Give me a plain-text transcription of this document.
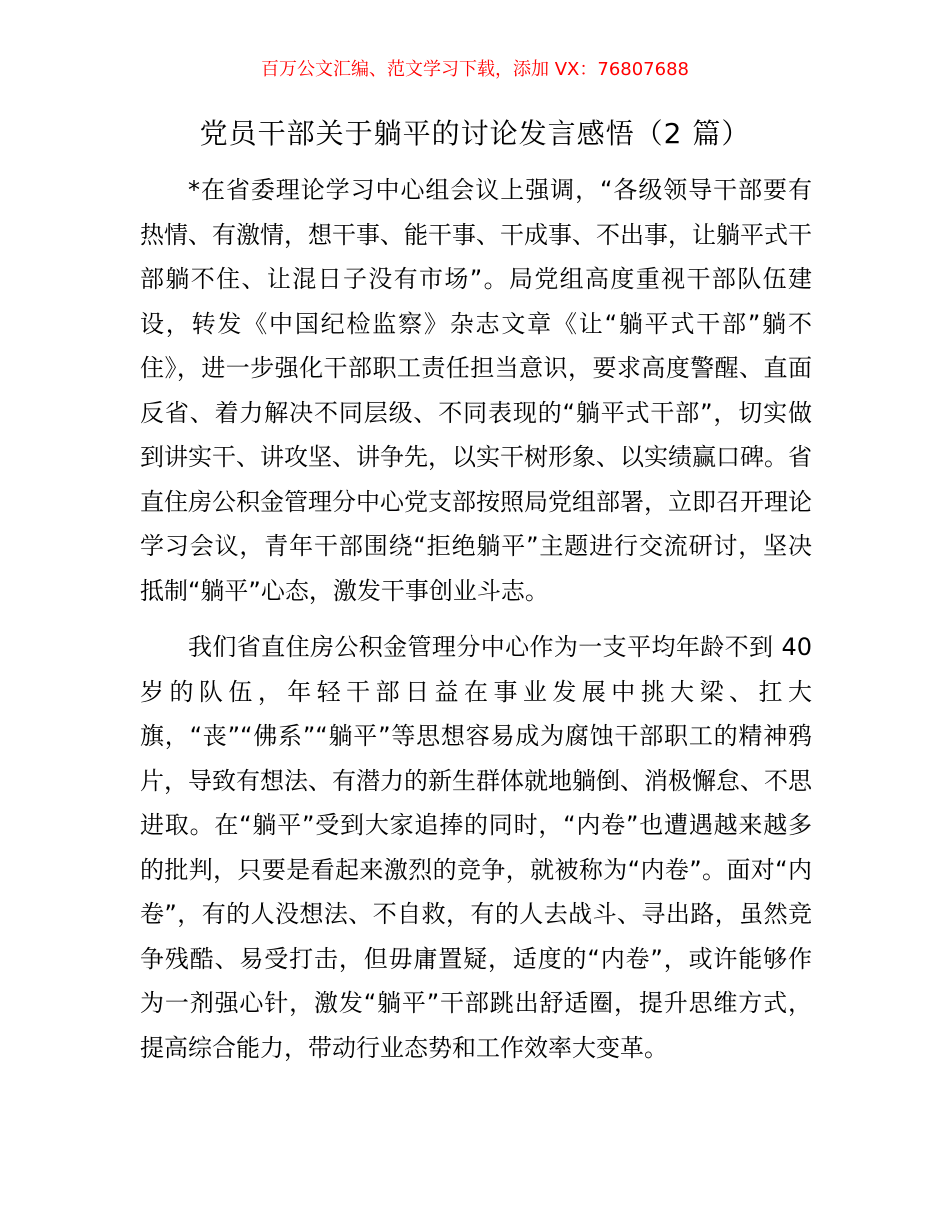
百万公文汇编、范文学习下载，添加 VX：76807688
党员干部关于躺平的讨论发言感悟（2 篇）

*在省委理论学习中心组会议上强调，“各级领导干部要有热情、有激情，想干事、能干事、干成事、不出事，让躺平式干部躺不住、让混日子没有市场”。局党组高度重视干部队伍建设，转发《中国纪检监察》杂志文章《让“躺平式干部”躺不住》，进一步强化干部职工责任担当意识，要求高度警醒、直面反省、着力解决不同层级、不同表现的“躺平式干部”，切实做到讲实干、讲攻坚、讲争先，以实干树形象、以实绩赢口碑。省直住房公积金管理分中心党支部按照局党组部署，立即召开理论学习会议，青年干部围绕“拒绝躺平”主题进行交流研讨，坚决抵制“躺平”心态，激发干事创业斗志。

我们省直住房公积金管理分中心作为一支平均年龄不到 40 岁的队伍，年轻干部日益在事业发展中挑大梁、扛大旗，“丧”“佛系”“躺平”等思想容易成为腐蚀干部职工的精神鸦片，导致有想法、有潜力的新生群体就地躺倒、消极懈怠、不思进取。在“躺平”受到大家追捧的同时，“内卷”也遭遇越来越多的批判，只要是看起来激烈的竞争，就被称为“内卷”。面对“内卷”，有的人没想法、不自救，有的人去战斗、寻出路，虽然竞争残酷、易受打击，但毋庸置疑，适度的“内卷”，或许能够作为一剂强心针，激发“躺平”干部跳出舒适圈，提升思维方式，提高综合能力，带动行业态势和工作效率大变革。
